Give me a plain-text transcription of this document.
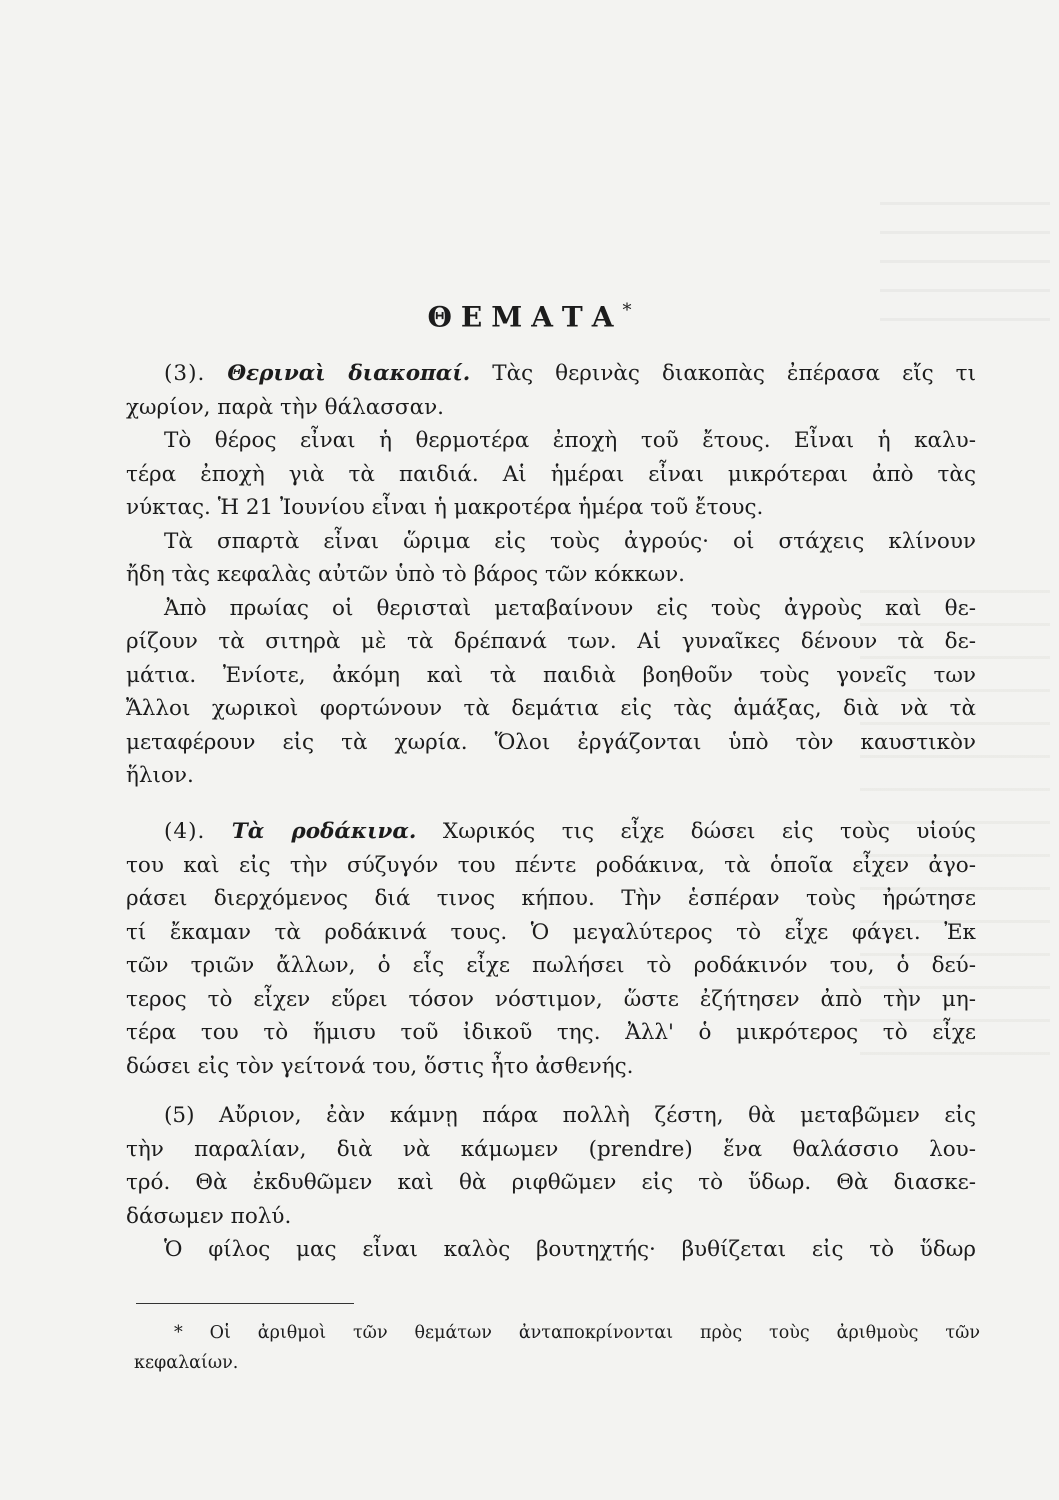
ΘΕΜΑΤΑ*

(3). Θεριναὶ διακοπαί. Τὰς θερινὰς διακοπὰς ἐπέρασα εἴς τι

χωρίον, παρὰ τὴν θάλασσαν.

Τὸ θέρος εἶναι ἡ θερμοτέρα ἐποχὴ τοῦ ἔτους. Εἶναι ἡ καλυ-

τέρα ἐποχὴ γιὰ τὰ παιδιά. Αἱ ἡμέραι εἶναι μικρότεραι ἀπὸ τὰς

νύκτας. Ἡ 21 Ἰουνίου εἶναι ἡ μακροτέρα ἡμέρα τοῦ ἔτους.

Τὰ σπαρτὰ εἶναι ὥριμα εἰς τοὺς ἀγρούς· οἱ στάχεις κλίνουν

ἤδη τὰς κεφαλὰς αὐτῶν ὑπὸ τὸ βάρος τῶν κόκκων.

Ἀπὸ πρωίας οἱ θερισταὶ μεταβαίνουν εἰς τοὺς ἀγροὺς καὶ θε-

ρίζουν τὰ σιτηρὰ μὲ τὰ δρέπανά των. Αἱ γυναῖκες δένουν τὰ δε-

μάτια. Ἐνίοτε, ἀκόμη καὶ τὰ παιδιὰ βοηθοῦν τοὺς γονεῖς των

Ἄλλοι χωρικοὶ φορτώνουν τὰ δεμάτια εἰς τὰς ἁμάξας, διὰ νὰ τὰ

μεταφέρουν εἰς τὰ χωρία. Ὅλοι ἐργάζονται ὑπὸ τὸν καυστικὸν

ἥλιον.

(4). Τὰ ροδάκινα. Χωρικός τις εἶχε δώσει εἰς τοὺς υἱούς

του καὶ εἰς τὴν σύζυγόν του πέντε ροδάκινα, τὰ ὁποῖα εἶχεν ἀγο-

ράσει διερχόμενος διά τινος κήπου. Τὴν ἑσπέραν τοὺς ἠρώτησε

τί ἔκαμαν τὰ ροδάκινά τους. Ὁ μεγαλύτερος τὸ εἶχε φάγει. Ἐκ

τῶν τριῶν ἄλλων, ὁ εἷς εἶχε πωλήσει τὸ ροδάκινόν του, ὁ δεύ-

τερος τὸ εἶχεν εὕρει τόσον νόστιμον, ὥστε ἐζήτησεν ἀπὸ τὴν μη-

τέρα του τὸ ἥμισυ τοῦ ἰδικοῦ της. Ἀλλ' ὁ μικρότερος τὸ εἶχε

δώσει εἰς τὸν γείτονά του, ὅστις ἦτο ἀσθενής.

(5) Αὔριον, ἐὰν κάμνῃ πάρα πολλὴ ζέστη, θὰ μεταβῶμεν εἰς

τὴν παραλίαν, διὰ νὰ κάμωμεν (prendre) ἕνα θαλάσσιο λου-

τρό. Θὰ ἐκδυθῶμεν καὶ θὰ ριφθῶμεν εἰς τὸ ὕδωρ. Θὰ διασκε-

δάσωμεν πολύ.

Ὁ φίλος μας εἶναι καλὸς βουτηχτής· βυθίζεται εἰς τὸ ὕδωρ

* Οἱ ἀριθμοὶ τῶν θεμάτων ἀνταποκρίνονται πρὸς τοὺς ἀριθμοὺς τῶν

κεφαλαίων.
